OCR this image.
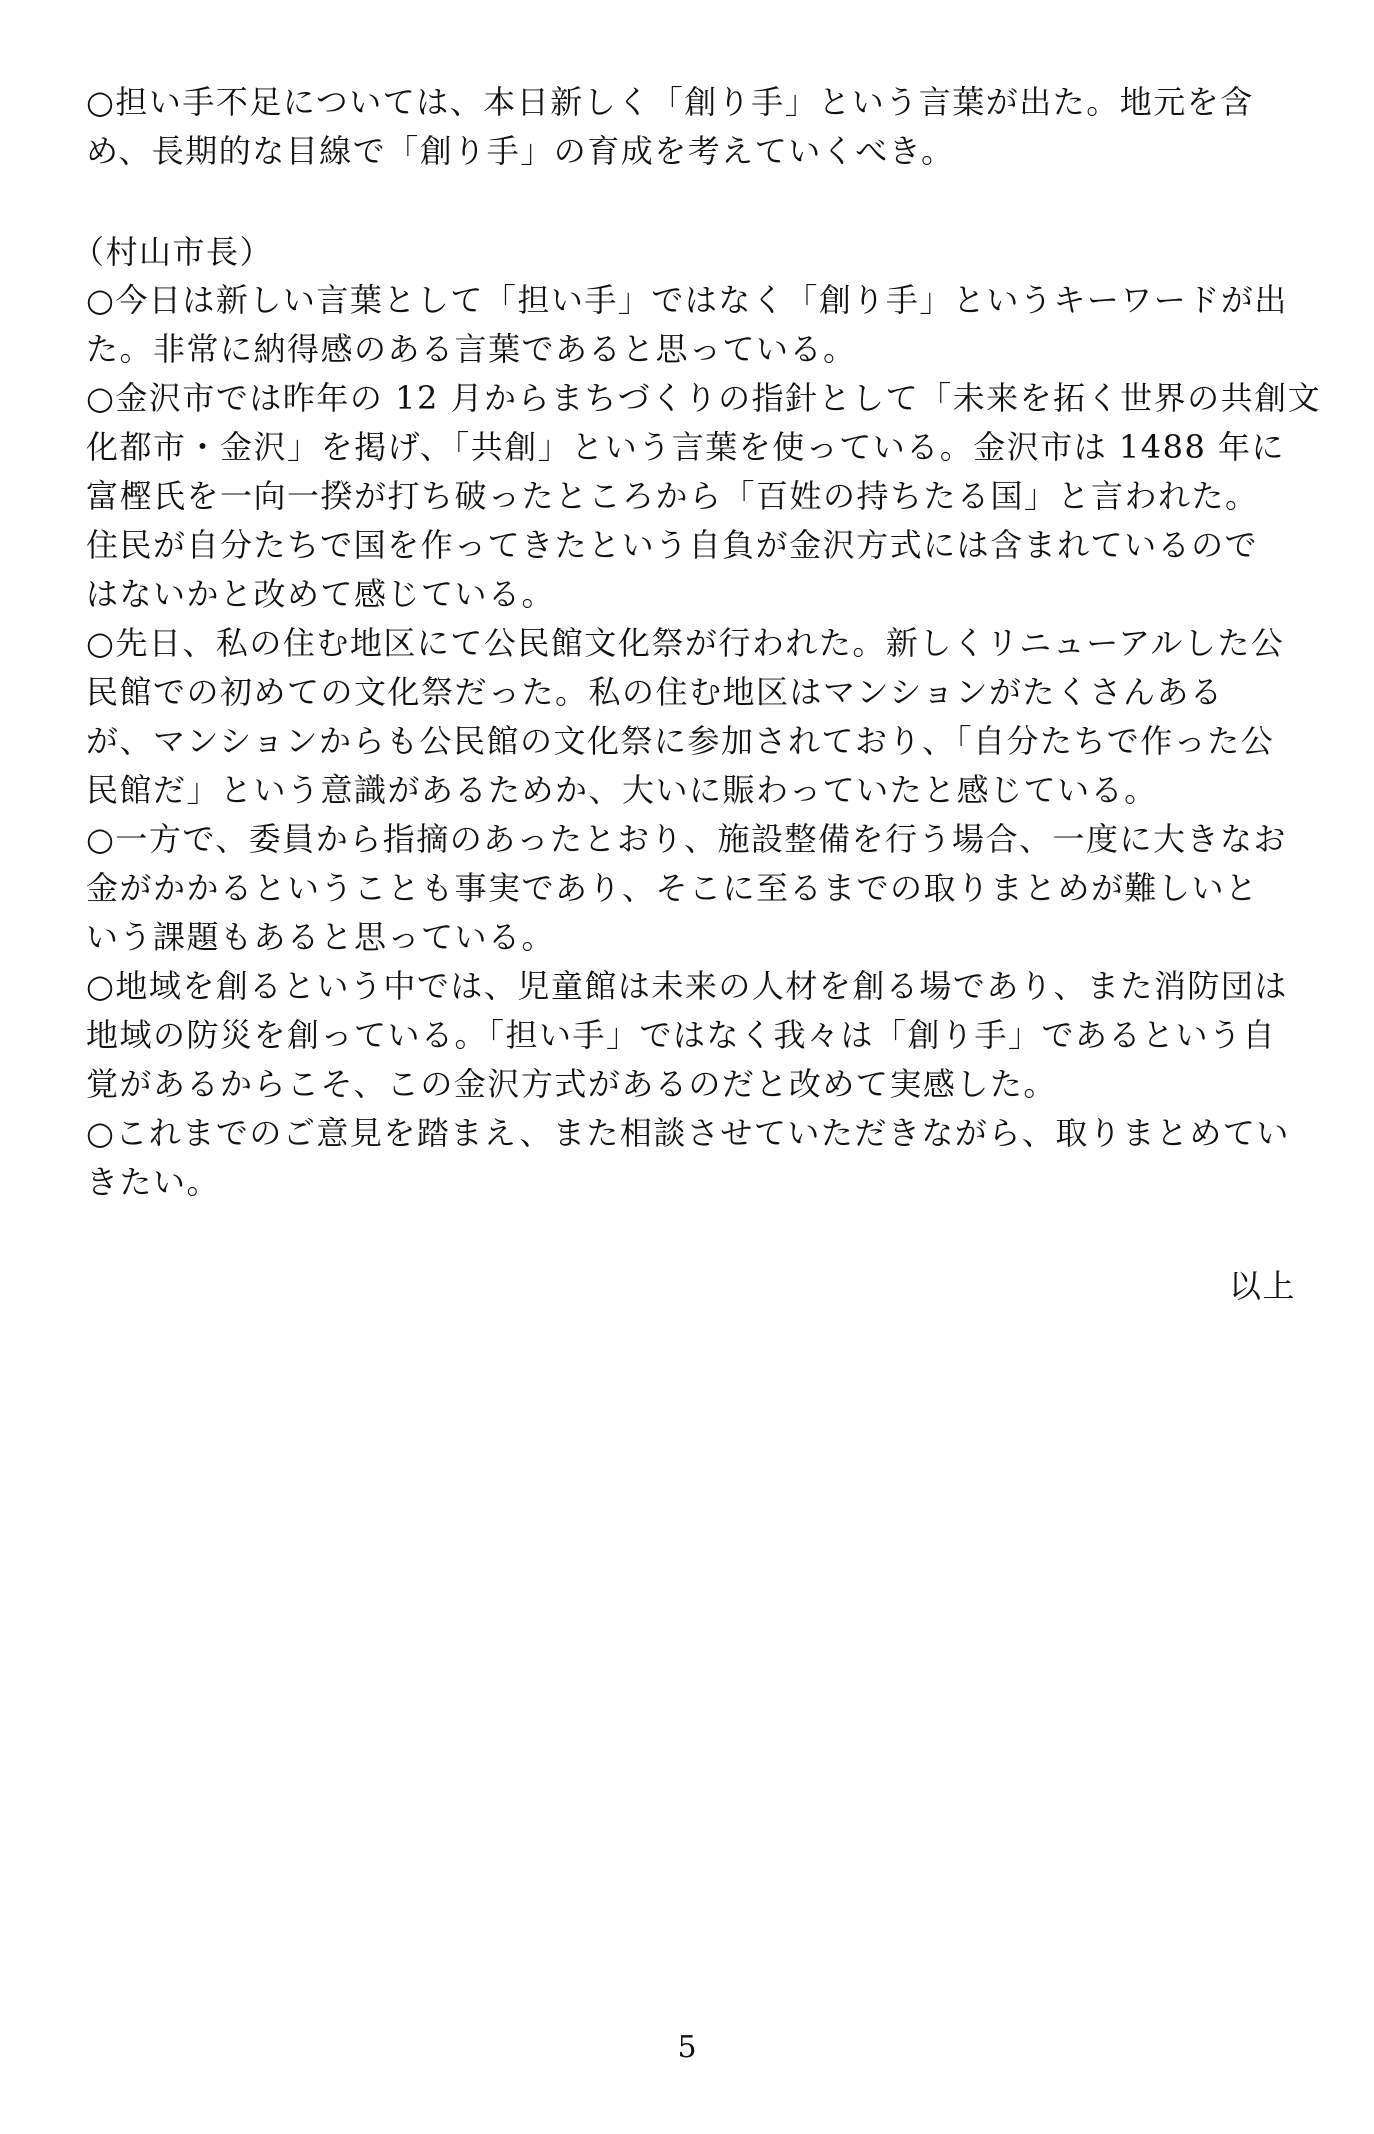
○担い手不足については、本日新しく「創り手」という言葉が出た。地元を含
め、長期的な目線で「創り手」の育成を考えていくべき。
（村山市長）
○今日は新しい言葉として「担い手」ではなく「創り手」というキーワードが出
た。非常に納得感のある言葉であると思っている。
○金沢市では昨年の 12 月からまちづくりの指針として「未来を拓く世界の共創文
化都市・金沢」を掲げ、「共創」という言葉を使っている。金沢市は 1488 年に
富樫氏を一向一揆が打ち破ったところから「百姓の持ちたる国」と言われた。
住民が自分たちで国を作ってきたという自負が金沢方式には含まれているので
はないかと改めて感じている。
○先日、私の住む地区にて公民館文化祭が行われた。新しくリニューアルした公
民館での初めての文化祭だった。私の住む地区はマンションがたくさんある
が、マンションからも公民館の文化祭に参加されており、「自分たちで作った公
民館だ」という意識があるためか、大いに賑わっていたと感じている。
○一方で、委員から指摘のあったとおり、施設整備を行う場合、一度に大きなお
金がかかるということも事実であり、そこに至るまでの取りまとめが難しいと
いう課題もあると思っている。
○地域を創るという中では、児童館は未来の人材を創る場であり、また消防団は
地域の防災を創っている。「担い手」ではなく我々は「創り手」であるという自
覚があるからこそ、この金沢方式があるのだと改めて実感した。
○これまでのご意見を踏まえ、また相談させていただきながら、取りまとめてい
きたい。
以上
5
